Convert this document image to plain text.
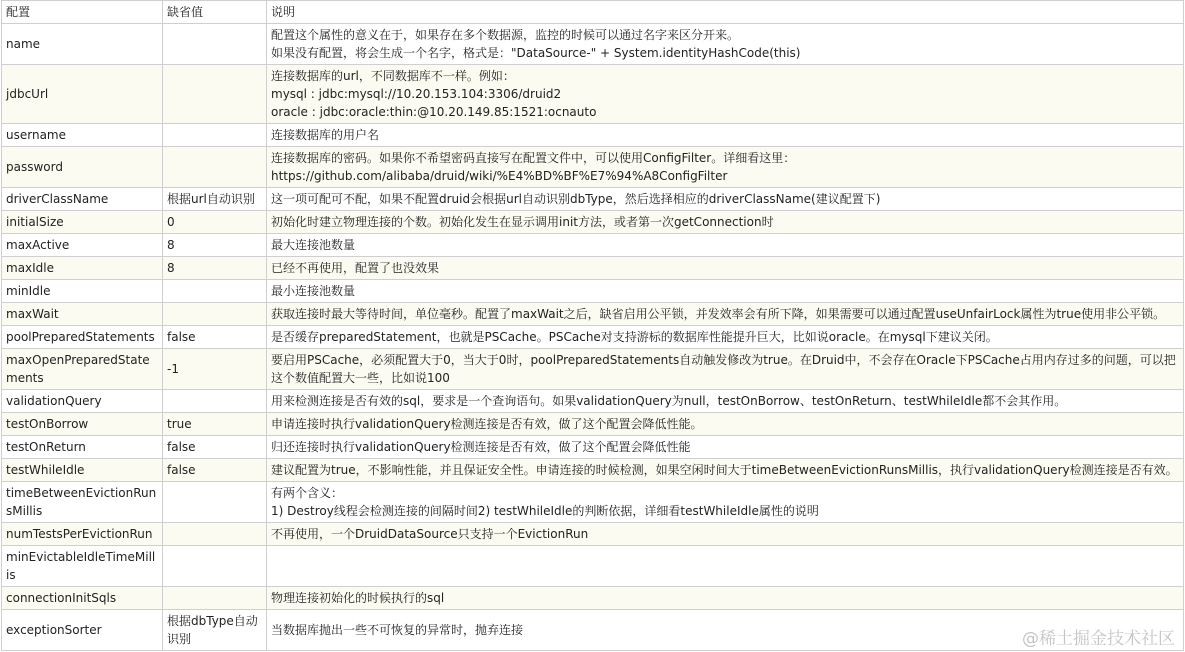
配置	缺省值	说明
name		配置这个属性的意义在于，如果存在多个数据源，监控的时候可以通过名字来区分开来。
如果没有配置，将会生成一个名字，格式是："DataSource-" + System.identityHashCode(this)

jdbcUrl		连接数据库的url，不同数据库不一样。例如：
mysql : jdbc:mysql://10.20.153.104:3306/druid2
oracle : jdbc:oracle:thin:@10.20.149.85:1521:ocnauto

username		连接数据库的用户名

password		连接数据库的密码。如果你不希望密码直接写在配置文件中，可以使用ConfigFilter。详细看这里：
https://github.com/alibaba/druid/wiki/%E4%BD%BF%E7%94%A8ConfigFilter

driverClassName	根据url自动识别	这一项可配可不配，如果不配置druid会根据url自动识别dbType，然后选择相应的driverClassName(建议配置下)

initialSize	0	初始化时建立物理连接的个数。初始化发生在显示调用init方法，或者第一次getConnection时

maxActive	8	最大连接池数量

maxIdle	8	已经不再使用，配置了也没效果

minIdle		最小连接池数量

maxWait		获取连接时最大等待时间，单位毫秒。配置了maxWait之后，缺省启用公平锁，并发效率会有所下降，如果需要可以通过配置useUnfairLock属性为true使用非公平锁。

poolPreparedStatements	false	是否缓存preparedStatement，也就是PSCache。PSCache对支持游标的数据库性能提升巨大，比如说oracle。在mysql下建议关闭。

maxOpenPreparedStatements	-1	要启用PSCache，必须配置大于0，当大于0时，poolPreparedStatements自动触发修改为true。在Druid中，不会存在Oracle下PSCache占用内存过多的问题，可以把这个数值配置大一些，比如说100

validationQuery		用来检测连接是否有效的sql，要求是一个查询语句。如果validationQuery为null，testOnBorrow、testOnReturn、testWhileIdle都不会其作用。

testOnBorrow	true	申请连接时执行validationQuery检测连接是否有效，做了这个配置会降低性能。

testOnReturn	false	归还连接时执行validationQuery检测连接是否有效，做了这个配置会降低性能

testWhileIdle	false	建议配置为true，不影响性能，并且保证安全性。申请连接的时候检测，如果空闲时间大于timeBetweenEvictionRunsMillis，执行validationQuery检测连接是否有效。

timeBetweenEvictionRunsMillis		有两个含义：
1) Destroy线程会检测连接的间隔时间2) testWhileIdle的判断依据，详细看testWhileIdle属性的说明

numTestsPerEvictionRun		不再使用，一个DruidDataSource只支持一个EvictionRun

minEvictableIdleTimeMillis		

connectionInitSqls		物理连接初始化的时候执行的sql

exceptionSorter	根据dbType自动识别	当数据库抛出一些不可恢复的异常时，抛弃连接	@稀土掘金技术社区
